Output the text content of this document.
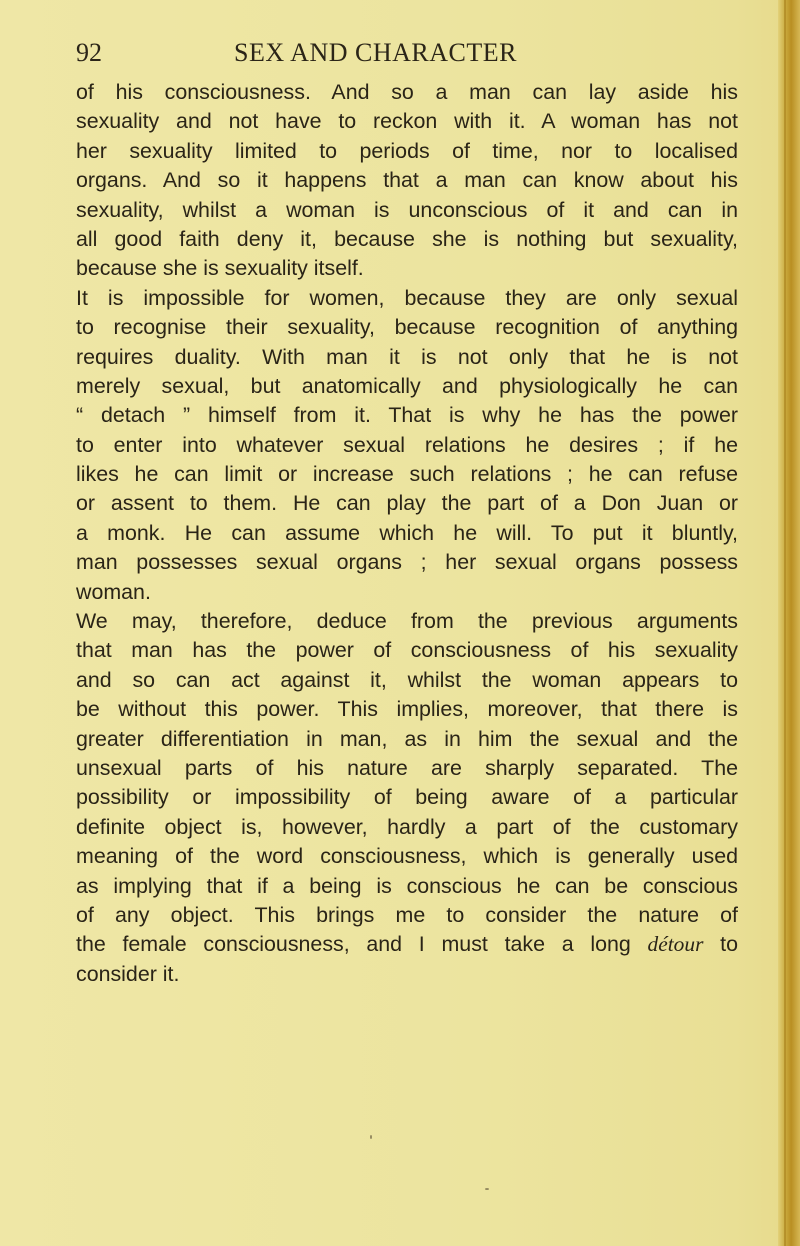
92	SEX AND CHARACTER
of his consciousness. And so a man can lay aside his
sexuality and not have to reckon with it. A woman has not
her sexuality limited to periods of time, nor to localised
organs. And so it happens that a man can know about his
sexuality, whilst a woman is unconscious of it and can in
all good faith deny it, because she is nothing but sexuality,
because she is sexuality itself.
It is impossible for women, because they are only sexual
to recognise their sexuality, because recognition of anything
requires duality. With man it is not only that he is not
merely sexual, but anatomically and physiologically he can
“ detach ” himself from it. That is why he has the power
to enter into whatever sexual relations he desires ; if he
likes he can limit or increase such relations ; he can refuse
or assent to them. He can play the part of a Don Juan or
a monk. He can assume which he will. To put it bluntly,
man possesses sexual organs ; her sexual organs possess
woman.
We may, therefore, deduce from the previous arguments
that man has the power of consciousness of his sexuality
and so can act against it, whilst the woman appears to
be without this power. This implies, moreover, that there is
greater differentiation in man, as in him the sexual and the
unsexual parts of his nature are sharply separated. The
possibility or impossibility of being aware of a particular
definite object is, however, hardly a part of the customary
meaning of the word consciousness, which is generally used
as implying that if a being is conscious he can be conscious
of any object. This brings me to consider the nature of
the female consciousness, and I must take a long détour to
consider it.
